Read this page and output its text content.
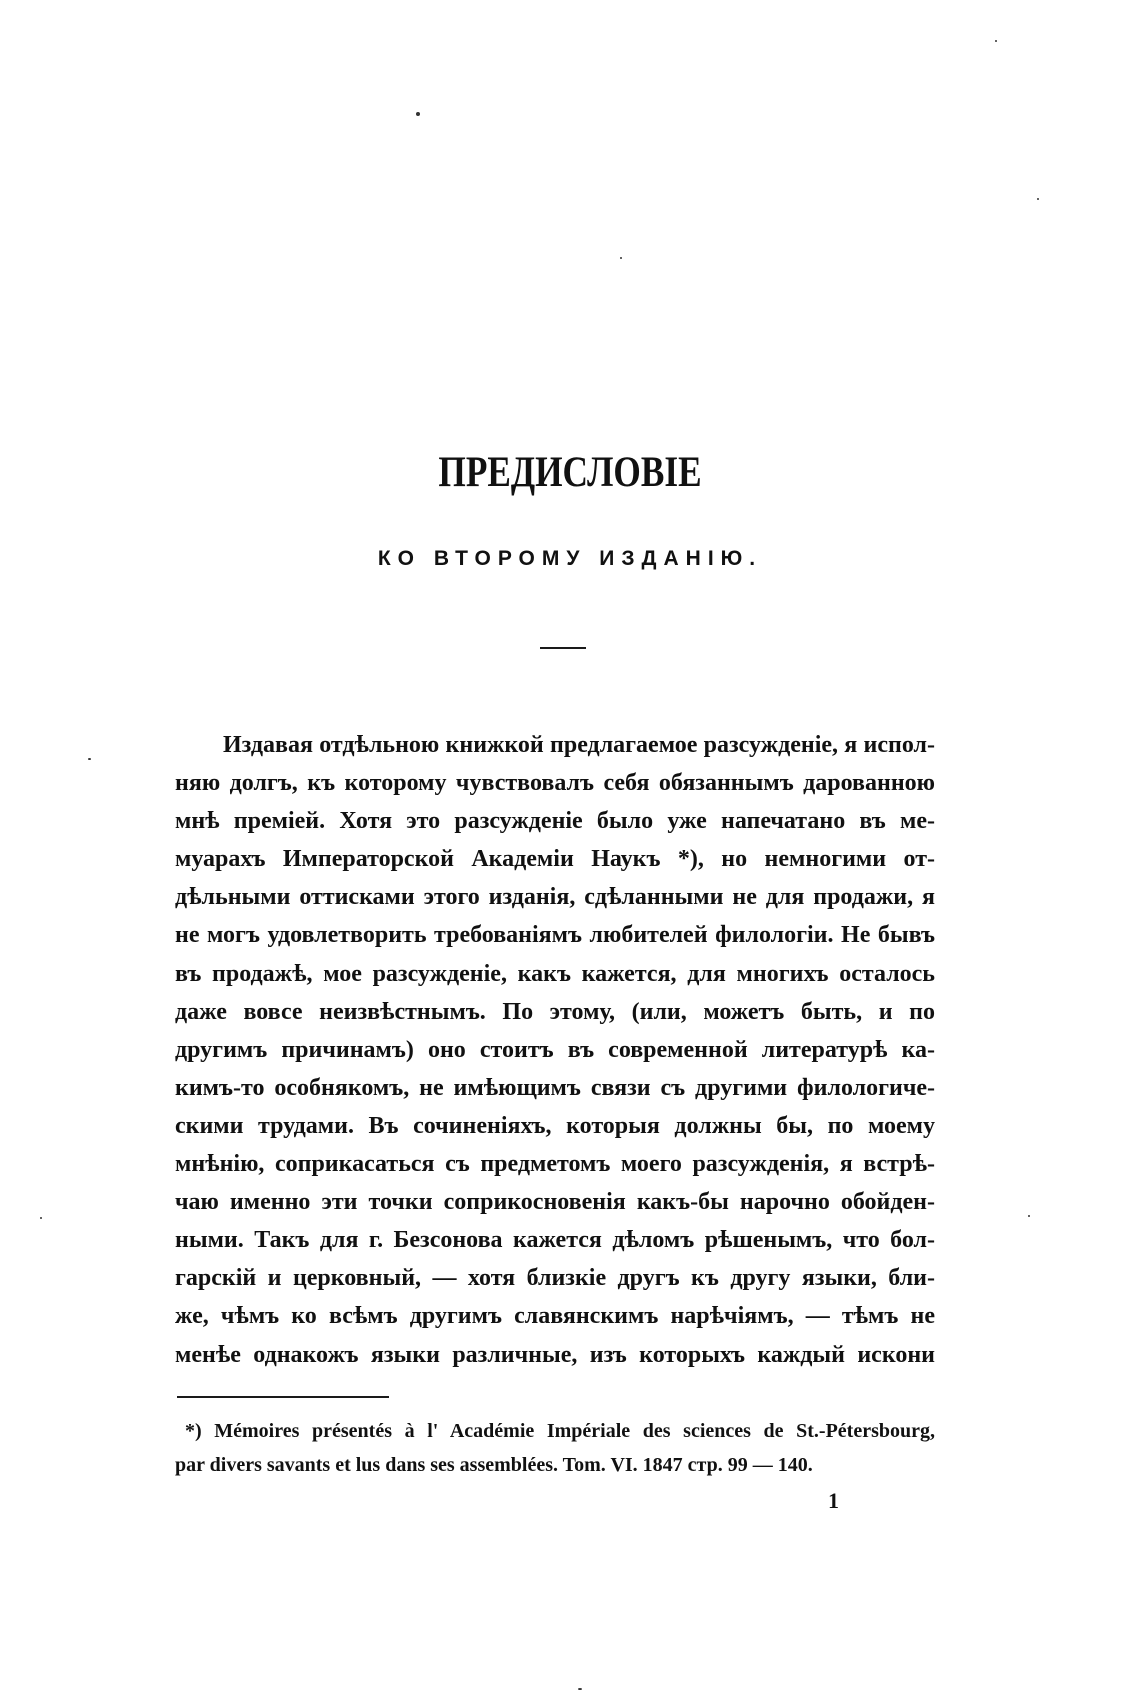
ПРЕДИСЛОВІЕ
КО ВТОРОМУ ИЗДАНІЮ.
Издавая отдѣльною книжкой предлагаемое разсужденіе, я испол-
няю долгъ, къ которому чувствовалъ себя обязаннымъ дарованною
мнѣ преміей. Хотя это разсужденіе было уже напечатано въ ме-
муарахъ Императорской Академіи Наукъ *), но немногими от-
дѣльными оттисками этого изданія, сдѣланными не для продажи, я
не могъ удовлетворить требованіямъ любителей филологіи. Не бывъ
въ продажѣ, мое разсужденіе, какъ кажется, для многихъ осталось
даже вовсе неизвѣстнымъ. По этому, (или, можетъ быть, и по
другимъ причинамъ) оно стоитъ въ современной литературѣ ка-
кимъ-то особнякомъ, не имѣющимъ связи съ другими филологиче-
скими трудами. Въ сочиненіяхъ, которыя должны бы, по моему
мнѣнію, соприкасаться съ предметомъ моего разсужденія, я встрѣ-
чаю именно эти точки соприкосновенія какъ-бы нарочно обойден-
ными. Такъ для г. Безсонова кажется дѣломъ рѣшенымъ, что бол-
гарскій и церковный, — хотя близкіе другъ къ другу языки, бли-
же, чѣмъ ко всѣмъ другимъ славянскимъ нарѣчіямъ, — тѣмъ не
менѣе однакожъ языки различные, изъ которыхъ каждый искони
*) Mémoires présentés à l' Académie Impériale des sciences de St.-Pétersbourg,
par divers savants et lus dans ses assemblées. Tom. VI. 1847 стр. 99 — 140.
1
